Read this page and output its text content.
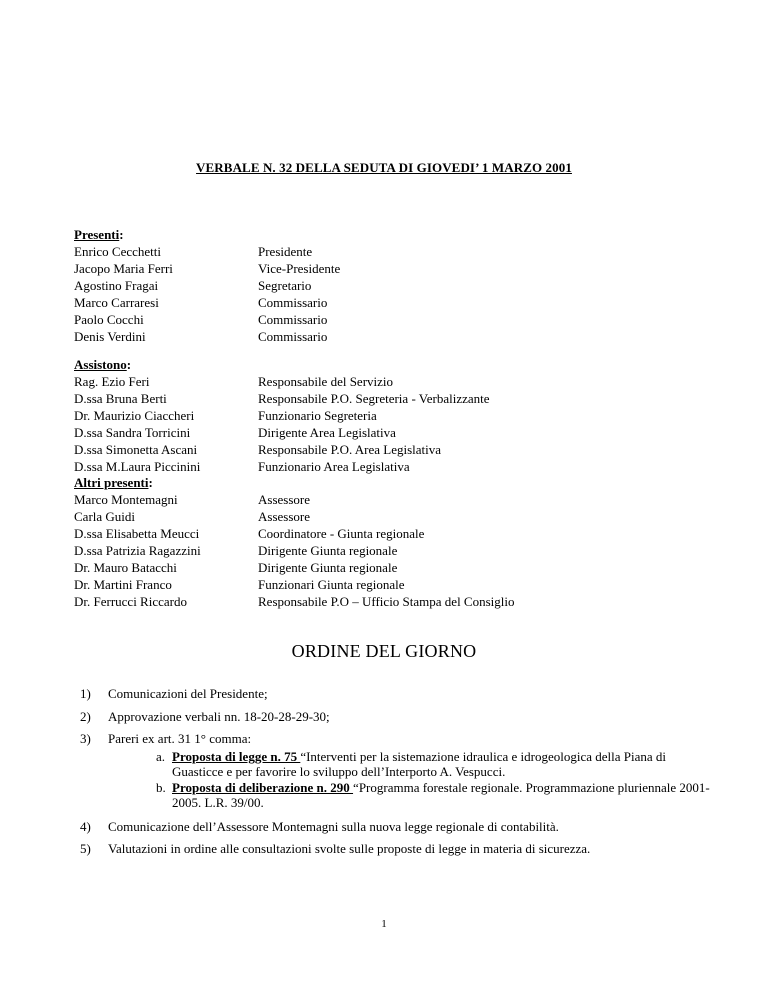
VERBALE N. 32 DELLA SEDUTA DI GIOVEDI’ 1 MARZO 2001
Presenti:
Enrico Cecchetti	Presidente
Jacopo Maria Ferri	Vice-Presidente
Agostino Fragai	Segretario
Marco Carraresi	Commissario
Paolo Cocchi	Commissario
Denis Verdini	Commissario
Assistono:
Rag. Ezio Feri	Responsabile del Servizio
D.ssa Bruna Berti	Responsabile P.O. Segreteria - Verbalizzante
Dr. Maurizio Ciaccheri	Funzionario Segreteria
D.ssa Sandra Torricini	Dirigente Area Legislativa
D.ssa Simonetta Ascani	Responsabile P.O. Area Legislativa
D.ssa M.Laura Piccinini	Funzionario Area Legislativa
Altri presenti:
Marco Montemagni	Assessore
Carla Guidi	Assessore
D.ssa Elisabetta Meucci	Coordinatore - Giunta regionale
D.ssa Patrizia Ragazzini	Dirigente Giunta regionale
Dr. Mauro Batacchi	Dirigente Giunta regionale
Dr. Martini Franco	Funzionari Giunta regionale
Dr. Ferrucci Riccardo	Responsabile P.O – Ufficio Stampa del Consiglio
ORDINE DEL GIORNO
1)	Comunicazioni del Presidente;
2)	Approvazione verbali nn. 18-20-28-29-30;
3)	Pareri ex art. 31 1° comma:
a. Proposta di legge n. 75 “Interventi per la sistemazione idraulica e idrogeologica della Piana di Guasticce e per favorire lo sviluppo dell’Interporto A. Vespucci.
b. Proposta di deliberazione n. 290 “Programma forestale regionale. Programmazione pluriennale 2001-2005. L.R. 39/00.
4)	Comunicazione dell’Assessore Montemagni sulla nuova legge regionale di contabilità.
5)	Valutazioni in ordine alle consultazioni svolte sulle proposte di legge in materia di sicurezza.
1
